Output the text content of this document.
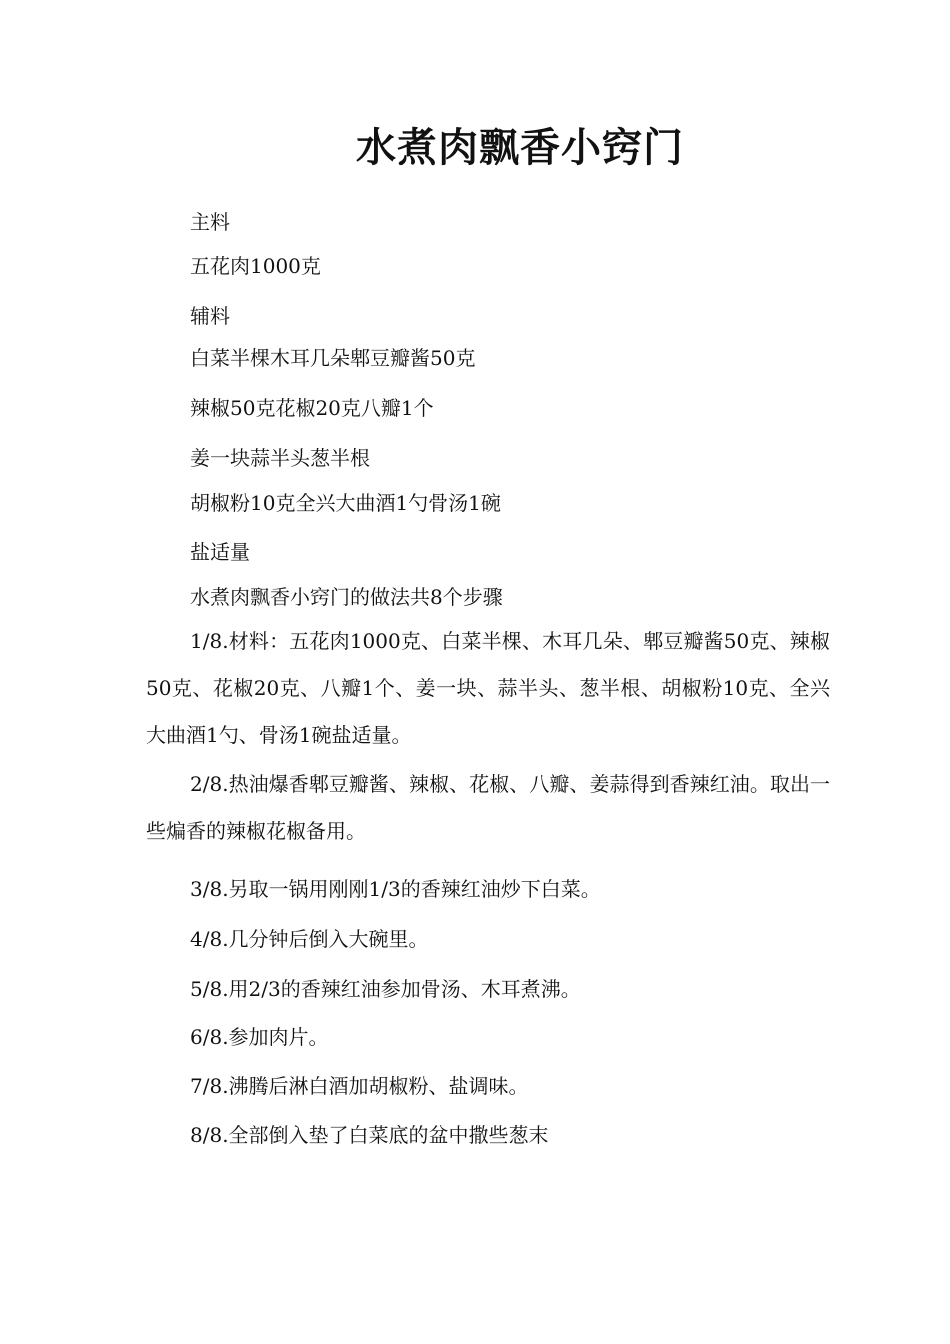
水煮肉飘香小窍门

主料

五花肉1000克

辅料

白菜半棵木耳几朵郫豆瓣酱50克

辣椒50克花椒20克八瓣1个

姜一块蒜半头葱半根

胡椒粉10克全兴大曲酒1勺骨汤1碗

盐适量

水煮肉飘香小窍门的做法共8个步骤

1/8.材料：五花肉1000克、白菜半棵、木耳几朵、郫豆瓣酱50克、辣椒50克、花椒20克、八瓣1个、姜一块、蒜半头、葱半根、胡椒粉10克、全兴大曲酒1勺、骨汤1碗盐适量。

2/8.热油爆香郫豆瓣酱、辣椒、花椒、八瓣、姜蒜得到香辣红油。取出一些煸香的辣椒花椒备用。

3/8.另取一锅用刚刚1/3的香辣红油炒下白菜。

4/8.几分钟后倒入大碗里。

5/8.用2/3的香辣红油参加骨汤、木耳煮沸。

6/8.参加肉片。

7/8.沸腾后淋白酒加胡椒粉、盐调味。

8/8.全部倒入垫了白菜底的盆中撒些葱末
